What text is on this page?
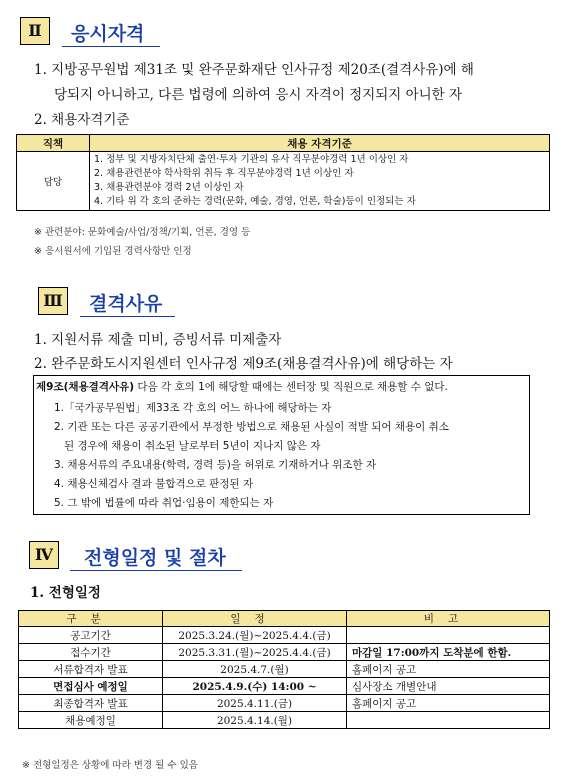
Ⅱ	응시자격
1. 지방공무원법 제31조 및 완주문화재단 인사규정 제20조(결격사유)에 해
당되지 아니하고, 다른 법령에 의하여 응시 자격이 정지되지 아니한 자
2. 채용자격기준
직책	채용 자격기준
담당	1. 정부 및 지방자치단체 출연·투자 기관의 유사 직무분야경력 1년 이상인 자
2. 채용관련분야 학사학위 취득 후 직무분야경력 1년 이상인 자
3. 채용관련분야 경력 2년 이상인 자
4. 기타 위 각 호의 준하는 경력(문화, 예술, 경영, 언론, 학술)등이 인정되는 자
※ 관련분야: 문화예술/사업/정책/기획, 언론, 경영 등
※ 응시원서에 기입된 경력사항만 인정
Ⅲ 결격사유
1. 지원서류 제출 미비, 증빙서류 미제출자
2. 완주문화도시지원센터 인사규정 제9조(채용결격사유)에 해당하는 자
제9조(채용결격사유) 다음 각 호의 1에 해당할 때에는 센터장 및 직원으로 채용할 수 없다.
1.「국가공무원법」제33조 각 호의 어느 하나에 해당하는 자
2. 기관 또는 다른 공공기관에서 부정한 방법으로 채용된 사실이 적발 되어 채용이 취소
된 경우에 채용이 취소된 날로부터 5년이 지나지 않은 자
3. 채용서류의 주요내용(학력, 경력 등)을 허위로 기재하거나 위조한 자
4. 채용신체검사 결과 불합격으로 판정된 자
5. 그 밖에 법률에 따라 취업·임용이 제한되는 자
Ⅳ	전형일정 및 절차
1. 전형일정
구분	일정	비고
공고기간	2025.3.24.(월)~2025.4.4.(금)	
접수기간	2025.3.31.(월)~2025.4.4.(금)	마감일 17:00까지 도착분에 한함.
서류합격자 발표	2025.4.7.(월)	홈페이지 공고
면접심사 예정일	2025.4.9.(수) 14:00 ~	심사장소 개별안내
최종합격자 발표	2025.4.11.(금)	홈페이지 공고
채용예정일	2025.4.14.(월)	
※ 전형일정은 상황에 따라 변경 될 수 있음
